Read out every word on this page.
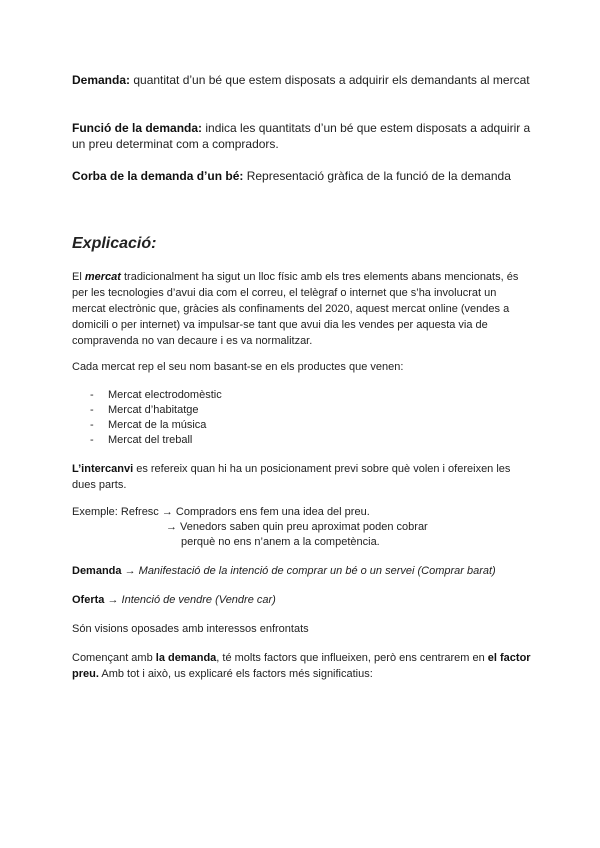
Demanda: quantitat d’un bé que estem disposats a adquirir els demandants al mercat
Funció de la demanda: indica les quantitats d’un bé que estem disposats a adquirir a un preu determinat com a compradors.
Corba de la demanda d’un bé: Representació gràfica de la funció de la demanda
Explicació:
El mercat tradicionalment ha sigut un lloc físic amb els tres elements abans mencionats, és per les tecnologies d’avui dia com el correu, el telègraf o internet que s’ha involucrat un mercat electrònic que, gràcies als confinaments del 2020, aquest mercat online (vendes a domicili o per internet) va impulsar-se tant que avui dia les vendes per aquesta via de compravenda no van decaure i es va normalitzar.
Cada mercat rep el seu nom basant-se en els productes que venen:
- Mercat electrodomèstic
- Mercat d’habitatge
- Mercat de la música
- Mercat del treball
L’intercanvi es refereix quan hi ha un posicionament previ sobre què volen i ofereixen les dues parts.
Exemple: Refresc → Compradors ens fem una idea del preu.
→ Venedors saben quin preu aproximat poden cobrar
perquè no ens n’anem a la competència.
Demanda → Manifestació de la intenció de comprar un bé o un servei (Comprar barat)
Oferta → Intenció de vendre (Vendre car)
Són visions oposades amb interessos enfrontats
Començant amb la demanda, té molts factors que influeixen, però ens centrarem en el factor preu. Amb tot i això, us explicaré els factors més significatius:
